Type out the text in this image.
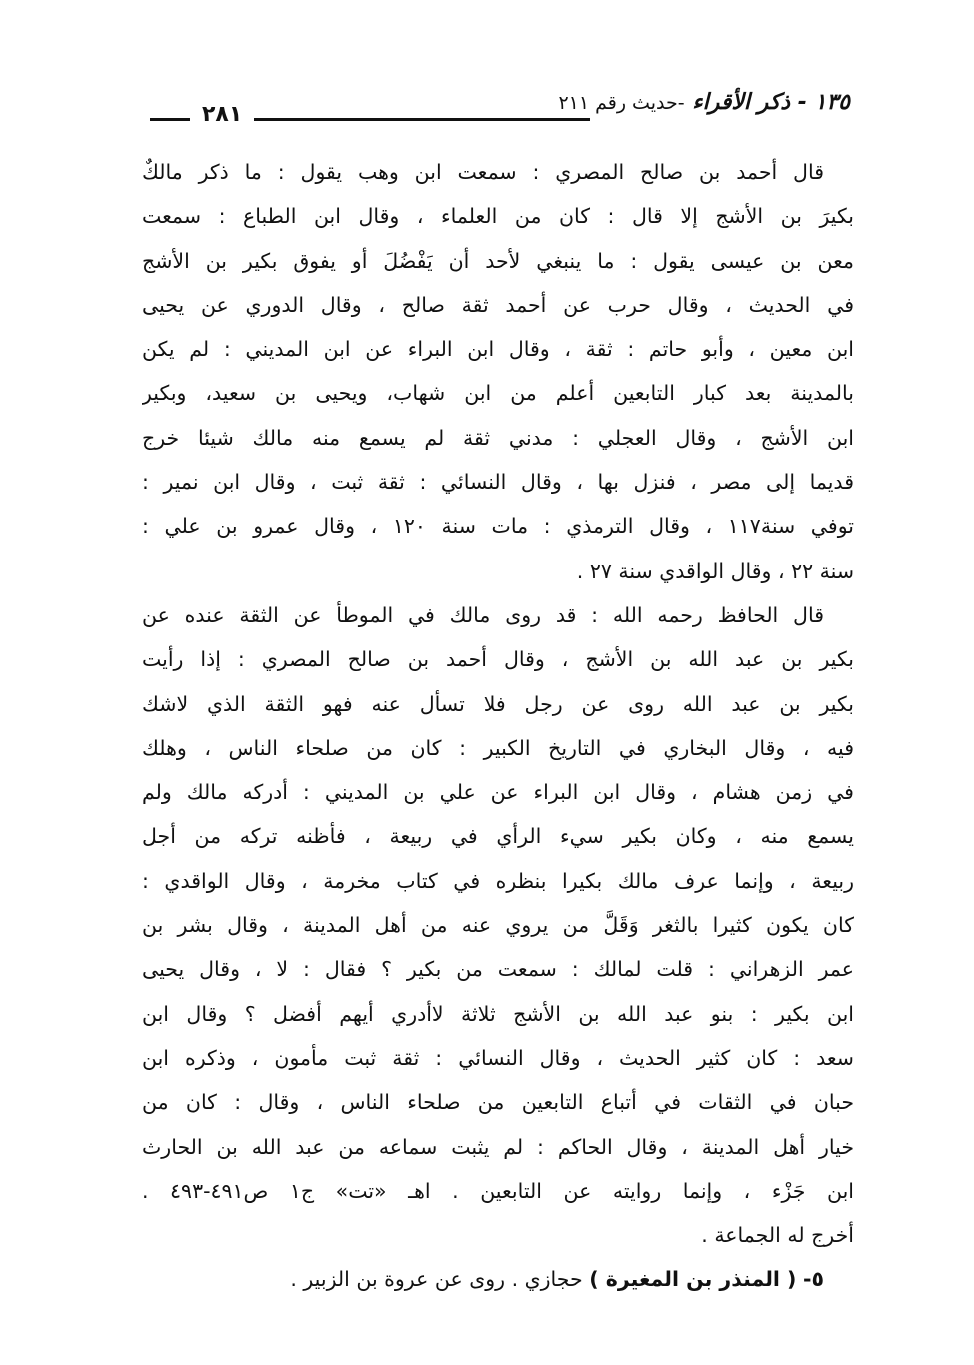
١٣٥ - ذكر الأقراء -حديث رقم ٢١١
٢٨١
قال أحمد بن صالح المصري : سمعت ابن وهب يقول : ما ذكر مالكٌ
بكيرَ بن الأشج إلا قال : كان من العلماء ، وقال ابن الطباع : سمعت
معن بن عيسى يقول : ما ينبغي لأحد أن يَفْضُلَ أو يفوق بكير بن الأشج
في الحديث ، وقال حرب عن أحمد ثقة صالح ، وقال الدوري عن يحيى
ابن معين ، وأبو حاتم : ثقة ، وقال ابن البراء عن ابن المديني : لم يكن
بالمدينة بعد كبار التابعين أعلم من ابن شهاب، ويحيى بن سعيد، وبكير
ابن الأشج ، وقال العجلي : مدني ثقة لم يسمع منه مالك شيئا خرج
قديما إلى مصر ، فنزل بها ، وقال النسائي : ثقة ثبت ، وقال ابن نمير :
توفي سنة١١٧ ، وقال الترمذي : مات سنة ١٢٠ ، وقال عمرو بن علي :
سنة ٢٢ ، وقال الواقدي سنة ٢٧ .
قال الحافظ رحمه الله : قد روى مالك في الموطأ عن الثقة عنده عن
بكير بن عبد الله بن الأشج ، وقال أحمد بن صالح المصري : إذا رأيت
بكير بن عبد الله روى عن رجل فلا تسأل عنه فهو الثقة الذي لاشك
فيه ، وقال البخاري في التاريخ الكبير : كان من صلحاء الناس ، وهلك
في زمن هشام ، وقال ابن البراء عن علي بن المديني : أدركه مالك ولم
يسمع منه ، وكان بكير سيء الرأي في ربيعة ، فأظنه تركه من أجل
ربيعة ، وإنما عرف مالك بكيرا بنظره في كتاب مخرمة ، وقال الواقدي :
كان يكون كثيرا بالثغر وَقَلَّ من يروي عنه من أهل المدينة ، وقال بشر بن
عمر الزهراني : قلت لمالك : سمعت من بكير ؟ فقال : لا ، وقال يحيى
ابن بكير : بنو عبد الله بن الأشج ثلاثة لاأدري أيهم أفضل ؟ وقال ابن
سعد : كان كثير الحديث ، وقال النسائي : ثقة ثبت مأمون ، وذكره ابن
حبان في الثقات في أتباع التابعين من صلحاء الناس ، وقال : كان من
خيار أهل المدينة ، وقال الحاكم : لم يثبت سماعه من عبد الله بن الحارث
ابن جَزْء ، وإنما روايته عن التابعين . اهـ «تت» ج١ ص٤٩١-٤٩٣ .
أخرج له الجماعة .
٥- ( المنذر بن المغيرة ) حجازي . روى عن عروة بن الزبير .
